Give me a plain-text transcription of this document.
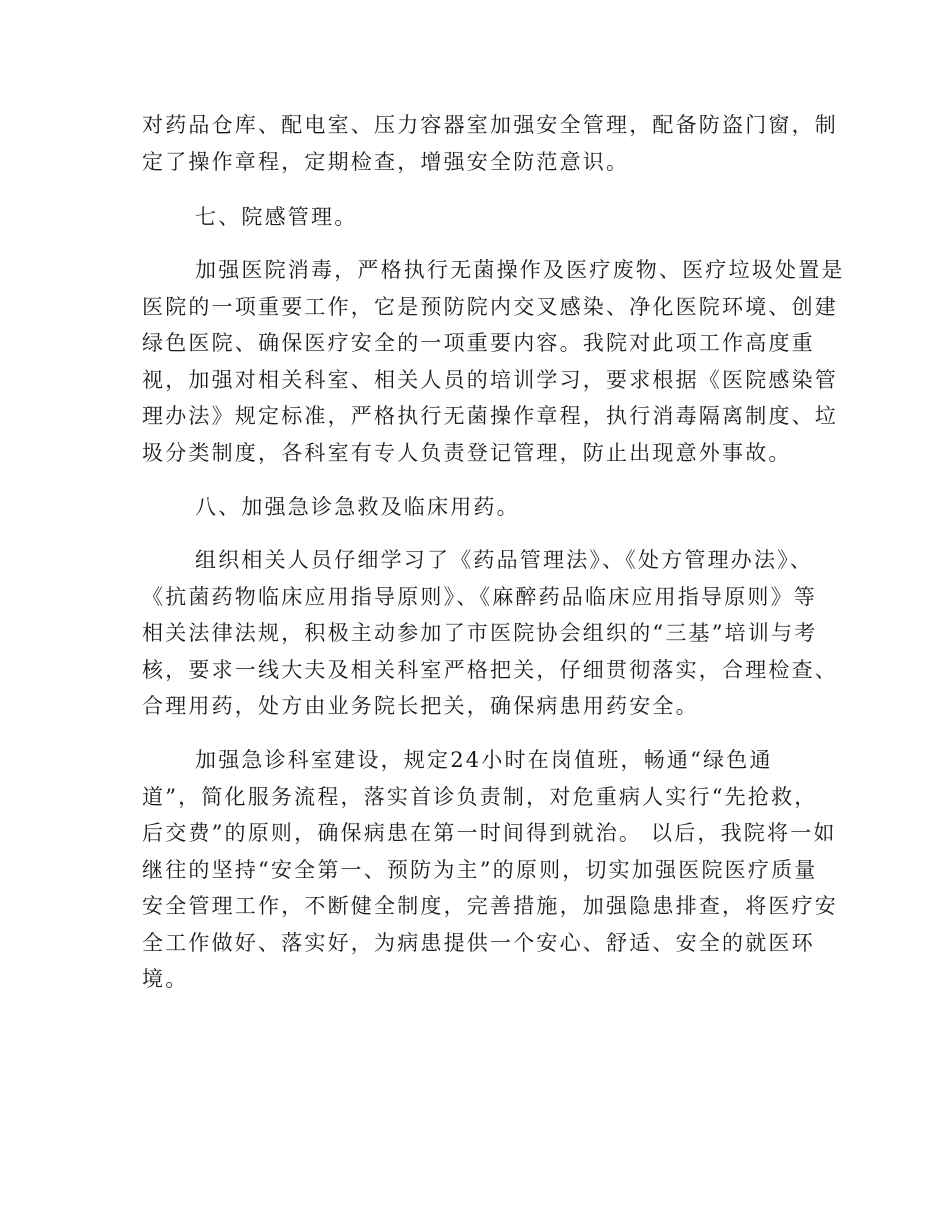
对药品仓库、配电室、压力容器室加强安全管理，配备防盗门窗，制
定了操作章程，定期检查，增强安全防范意识。
七、院感管理。
加强医院消毒，严格执行无菌操作及医疗废物、医疗垃圾处置是
医院的一项重要工作，它是预防院内交叉感染、净化医院环境、创建
绿色医院、确保医疗安全的一项重要内容。我院对此项工作高度重
视，加强对相关科室、相关人员的培训学习，要求根据《医院感染管
理办法》规定标准，严格执行无菌操作章程，执行消毒隔离制度、垃
圾分类制度，各科室有专人负责登记管理，防止出现意外事故。
八、加强急诊急救及临床用药。
组织相关人员仔细学习了《药品管理法》、《处方管理办法》、
《抗菌药物临床应用指导原则》、《麻醉药品临床应用指导原则》等
相关法律法规，积极主动参加了市医院协会组织的“三基”培训与考
核，要求一线大夫及相关科室严格把关，仔细贯彻落实，合理检查、
合理用药，处方由业务院长把关，确保病患用药安全。
加强急诊科室建设，规定24小时在岗值班，畅通“绿色通
道”，简化服务流程，落实首诊负责制，对危重病人实行“先抢救，
后交费”的原则，确保病患在第一时间得到就治。 以后，我院将一如
继往的坚持“安全第一、预防为主”的原则，切实加强医院医疗质量
安全管理工作，不断健全制度，完善措施，加强隐患排查，将医疗安
全工作做好、落实好，为病患提供一个安心、舒适、安全的就医环
境。
